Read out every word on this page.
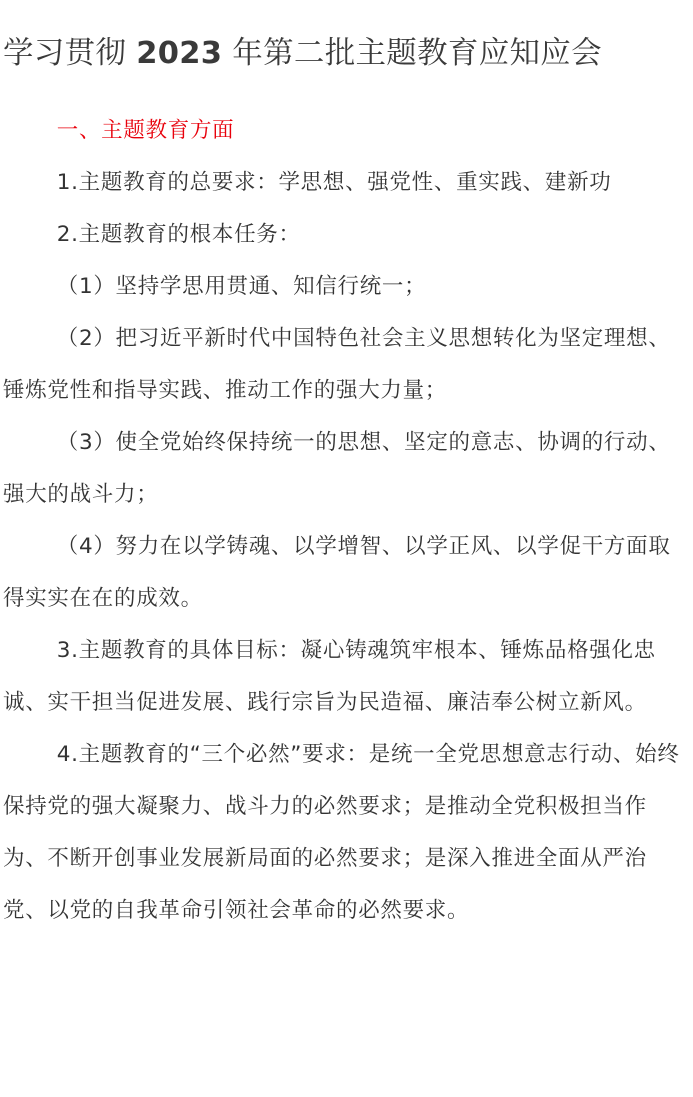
学习贯彻 2023 年第二批主题教育应知应会

一、主题教育方面

1.主题教育的总要求：学思想、强党性、重实践、建新功

2.主题教育的根本任务：

（1）坚持学思用贯通、知信行统一；

（2）把习近平新时代中国特色社会主义思想转化为坚定理想、锤炼党性和指导实践、推动工作的强大力量；

（3）使全党始终保持统一的思想、坚定的意志、协调的行动、强大的战斗力；

（4）努力在以学铸魂、以学增智、以学正风、以学促干方面取得实实在在的成效。

3.主题教育的具体目标：凝心铸魂筑牢根本、锤炼品格强化忠诚、实干担当促进发展、践行宗旨为民造福、廉洁奉公树立新风。

4.主题教育的“三个必然”要求：是统一全党思想意志行动、始终保持党的强大凝聚力、战斗力的必然要求；是推动全党积极担当作为、不断开创事业发展新局面的必然要求；是深入推进全面从严治党、以党的自我革命引领社会革命的必然要求。
